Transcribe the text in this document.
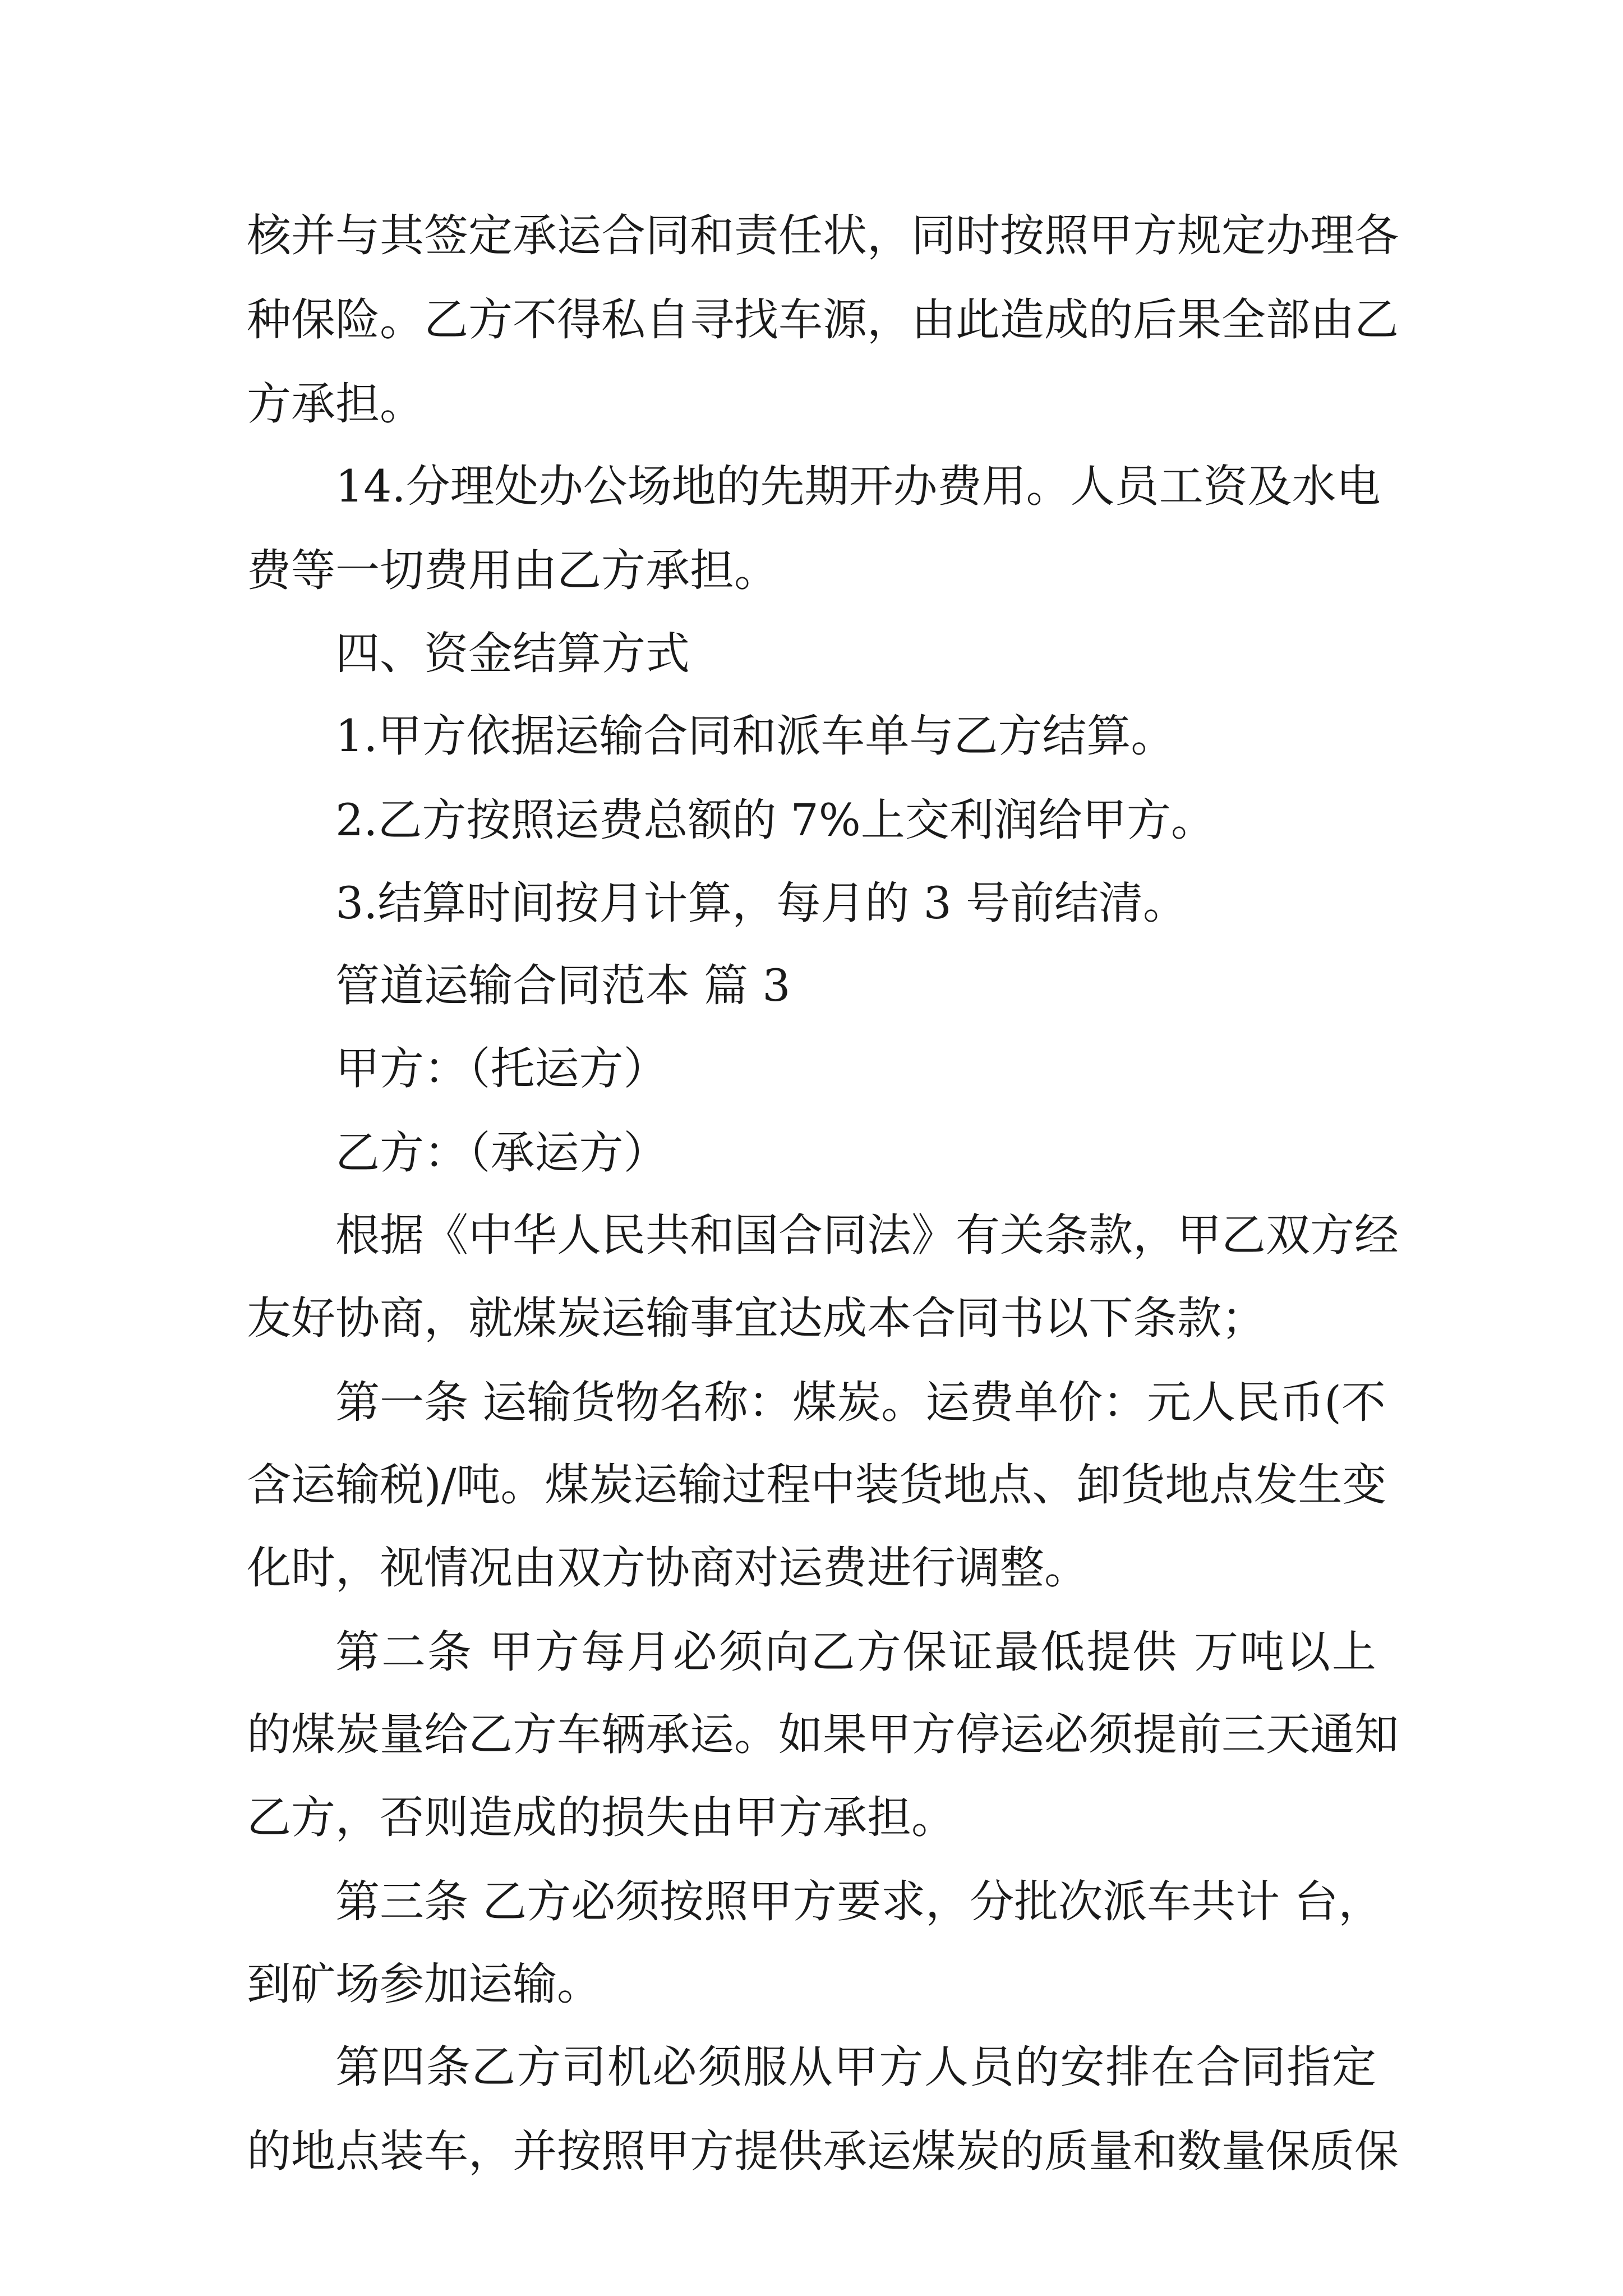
核并与其签定承运合同和责任状，同时按照甲方规定办理各
种保险。乙方不得私自寻找车源，由此造成的后果全部由乙
方承担。
14.分理处办公场地的先期开办费用。人员工资及水电
费等一切费用由乙方承担。
四、资金结算方式
1.甲方依据运输合同和派车单与乙方结算。
2.乙方按照运费总额的 7%上交利润给甲方。
3.结算时间按月计算，每月的 3 号前结清。
管道运输合同范本 篇 3
甲方：（托运方）
乙方：（承运方）
根据《中华人民共和国合同法》有关条款，甲乙双方经
友好协商，就煤炭运输事宜达成本合同书以下条款；
第一条 运输货物名称：煤炭。运费单价：元人民币(不
含运输税)/吨。煤炭运输过程中装货地点、卸货地点发生变
化时，视情况由双方协商对运费进行调整。
第二条 甲方每月必须向乙方保证最低提供 万吨以上
的煤炭量给乙方车辆承运。如果甲方停运必须提前三天通知
乙方，否则造成的损失由甲方承担。
第三条 乙方必须按照甲方要求，分批次派车共计 台，
到矿场参加运输。
第四条乙方司机必须服从甲方人员的安排在合同指定
的地点装车，并按照甲方提供承运煤炭的质量和数量保质保
